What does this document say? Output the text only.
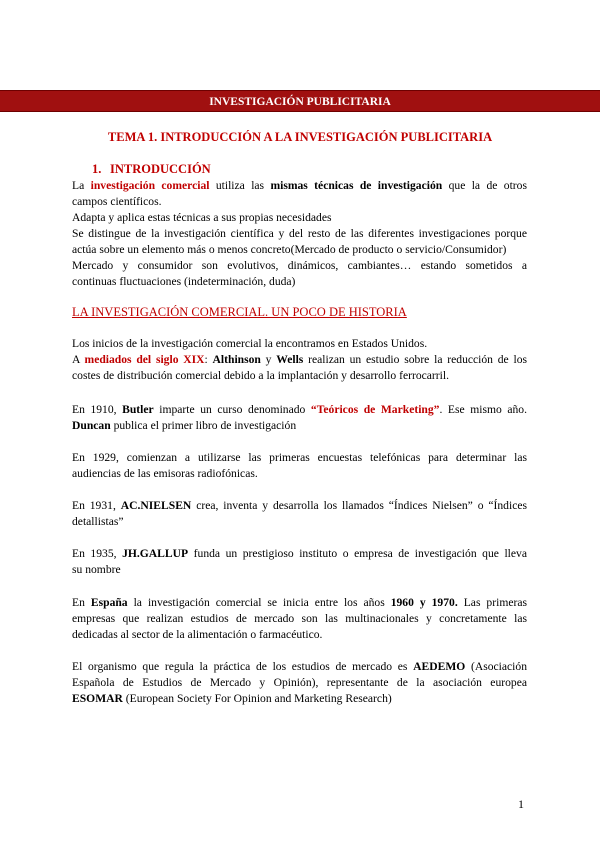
INVESTIGACIÓN PUBLICITARIA
TEMA 1. INTRODUCCIÓN A LA INVESTIGACIÓN PUBLICITARIA
1. INTRODUCCIÓN
La investigación comercial utiliza las mismas técnicas de investigación que la de otros
campos científicos.
Adapta y aplica estas técnicas a sus propias necesidades
Se distingue de la investigación científica y del resto de las diferentes investigaciones porque
actúa sobre un elemento más o menos concreto(Mercado de producto o servicio/Consumidor)
Mercado y consumidor son evolutivos, dinámicos, cambiantes… estando sometidos a
continuas fluctuaciones (indeterminación, duda)
LA INVESTIGACIÓN COMERCIAL. UN POCO DE HISTORIA
Los inicios de la investigación comercial la encontramos en Estados Unidos.
A mediados del siglo XIX: Althinson y Wells realizan un estudio sobre la reducción de los
costes de distribución comercial debido a la implantación y desarrollo ferrocarril.
En 1910, Butler imparte un curso denominado “Teóricos de Marketing”. Ese mismo año.
Duncan publica el primer libro de investigación
En 1929, comienzan a utilizarse las primeras encuestas telefónicas para determinar las
audiencias de las emisoras radiofónicas.
En 1931, AC.NIELSEN crea, inventa y desarrolla los llamados “Índices Nielsen” o “Índices
detallistas”
En 1935, JH.GALLUP funda un prestigioso instituto o empresa de investigación que lleva
su nombre
En España la investigación comercial se inicia entre los años 1960 y 1970. Las primeras
empresas que realizan estudios de mercado son las multinacionales y concretamente las
dedicadas al sector de la alimentación o farmacéutico.
El organismo que regula la práctica de los estudios de mercado es AEDEMO (Asociación
Española de Estudios de Mercado y Opinión), representante de la asociación europea
ESOMAR (European Society For Opinion and Marketing Research)
1
